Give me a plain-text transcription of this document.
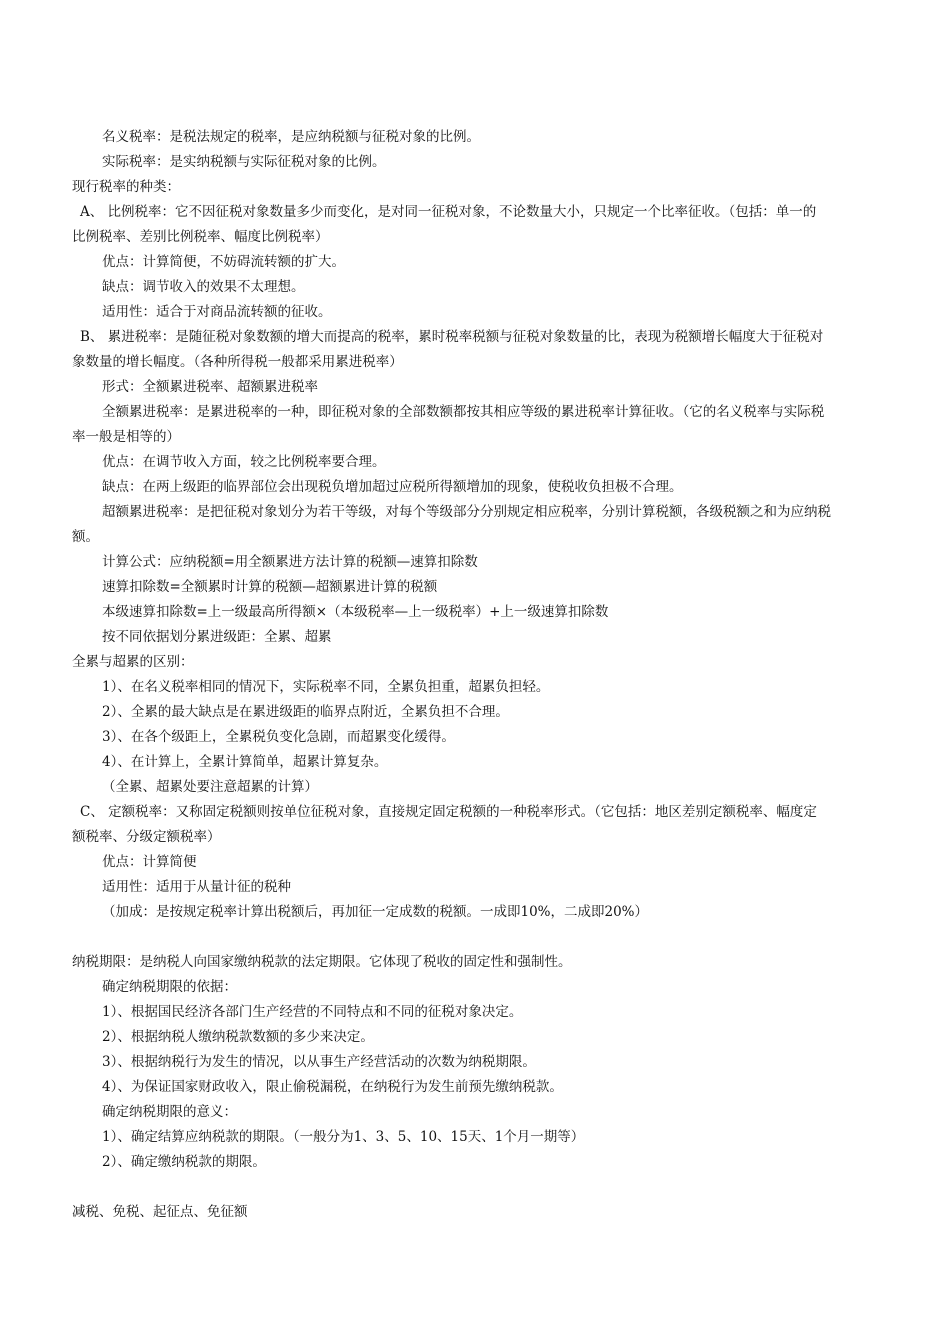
名义税率：是税法规定的税率，是应纳税额与征税对象的比例。
实际税率：是实纳税额与实际征税对象的比例。
现行税率的种类：
A、 比例税率：它不因征税对象数量多少而变化，是对同一征税对象，不论数量大小，只规定一个比率征收。（包括：单一的
比例税率、差别比例税率、幅度比例税率）
优点：计算简便，不妨碍流转额的扩大。
缺点：调节收入的效果不太理想。
适用性：适合于对商品流转额的征收。
B、 累进税率：是随征税对象数额的增大而提高的税率，累时税率税额与征税对象数量的比，表现为税额增长幅度大于征税对
象数量的增长幅度。（各种所得税一般都采用累进税率）
形式：全额累进税率、超额累进税率
全额累进税率：是累进税率的一种，即征税对象的全部数额都按其相应等级的累进税率计算征收。（它的名义税率与实际税
率一般是相等的）
优点：在调节收入方面，较之比例税率要合理。
缺点：在两上级距的临界部位会出现税负增加超过应税所得额增加的现象，使税收负担极不合理。
超额累进税率：是把征税对象划分为若干等级，对每个等级部分分别规定相应税率，分别计算税额，各级税额之和为应纳税
额。
计算公式：应纳税额=用全额累进方法计算的税额—速算扣除数
速算扣除数=全额累时计算的税额—超额累进计算的税额
本级速算扣除数=上一级最高所得额×（本级税率—上一级税率）+上一级速算扣除数
按不同依据划分累进级距：全累、超累
全累与超累的区别：
1）、在名义税率相同的情况下，实际税率不同，全累负担重，超累负担轻。
2）、全累的最大缺点是在累进级距的临界点附近，全累负担不合理。
3）、在各个级距上，全累税负变化急剧，而超累变化缓得。
4）、在计算上，全累计算简单，超累计算复杂。
（全累、超累处要注意超累的计算）
C、 定额税率：又称固定税额则按单位征税对象，直接规定固定税额的一种税率形式。（它包括：地区差别定额税率、幅度定
额税率、分级定额税率）
优点：计算简便
适用性：适用于从量计征的税种
（加成：是按规定税率计算出税额后，再加征一定成数的税额。一成即10%，二成即20%）
纳税期限：是纳税人向国家缴纳税款的法定期限。它体现了税收的固定性和强制性。
确定纳税期限的依据：
1）、根据国民经济各部门生产经营的不同特点和不同的征税对象决定。
2）、根据纳税人缴纳税款数额的多少来决定。
3）、根据纳税行为发生的情况，以从事生产经营活动的次数为纳税期限。
4）、为保证国家财政收入，限止偷税漏税，在纳税行为发生前预先缴纳税款。
确定纳税期限的意义：
1）、确定结算应纳税款的期限。（一般分为1、3、5、10、15天、1个月一期等）
2）、确定缴纳税款的期限。
减税、免税、起征点、免征额
